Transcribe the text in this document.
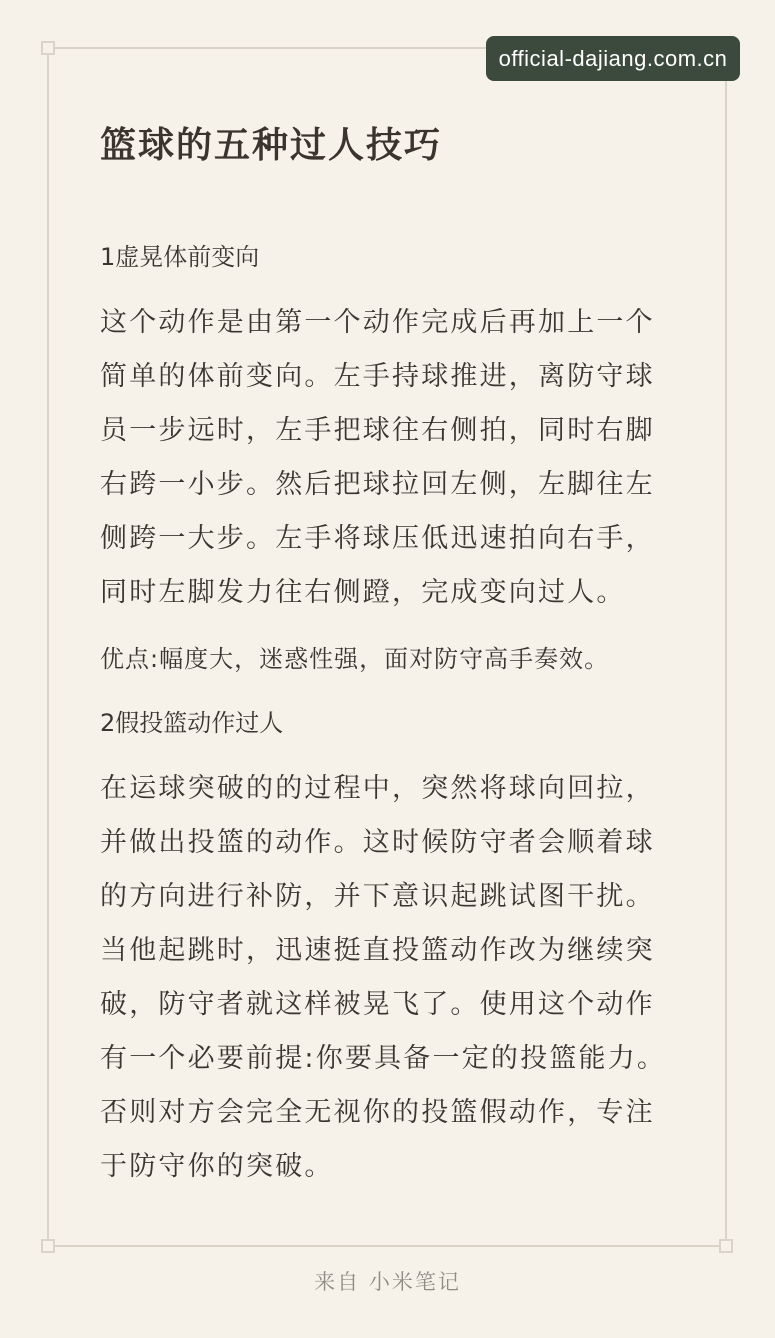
official-dajiang.com.cn
篮球的五种过人技巧

1虚晃体前变向

这个动作是由第一个动作完成后再加上一个简单的体前变向。左手持球推进，离防守球员一步远时，左手把球往右侧拍，同时右脚右跨一小步。然后把球拉回左侧，左脚往左侧跨一大步。左手将球压低迅速拍向右手，同时左脚发力往右侧蹬，完成变向过人。

优点:幅度大，迷惑性强，面对防守高手奏效。

2假投篮动作过人

在运球突破的的过程中，突然将球向回拉，并做出投篮的动作。这时候防守者会顺着球的方向进行补防，并下意识起跳试图干扰。当他起跳时，迅速挺直投篮动作改为继续突破，防守者就这样被晃飞了。使用这个动作有一个必要前提:你要具备一定的投篮能力。否则对方会完全无视你的投篮假动作，专注于防守你的突破。

来自 小米笔记
